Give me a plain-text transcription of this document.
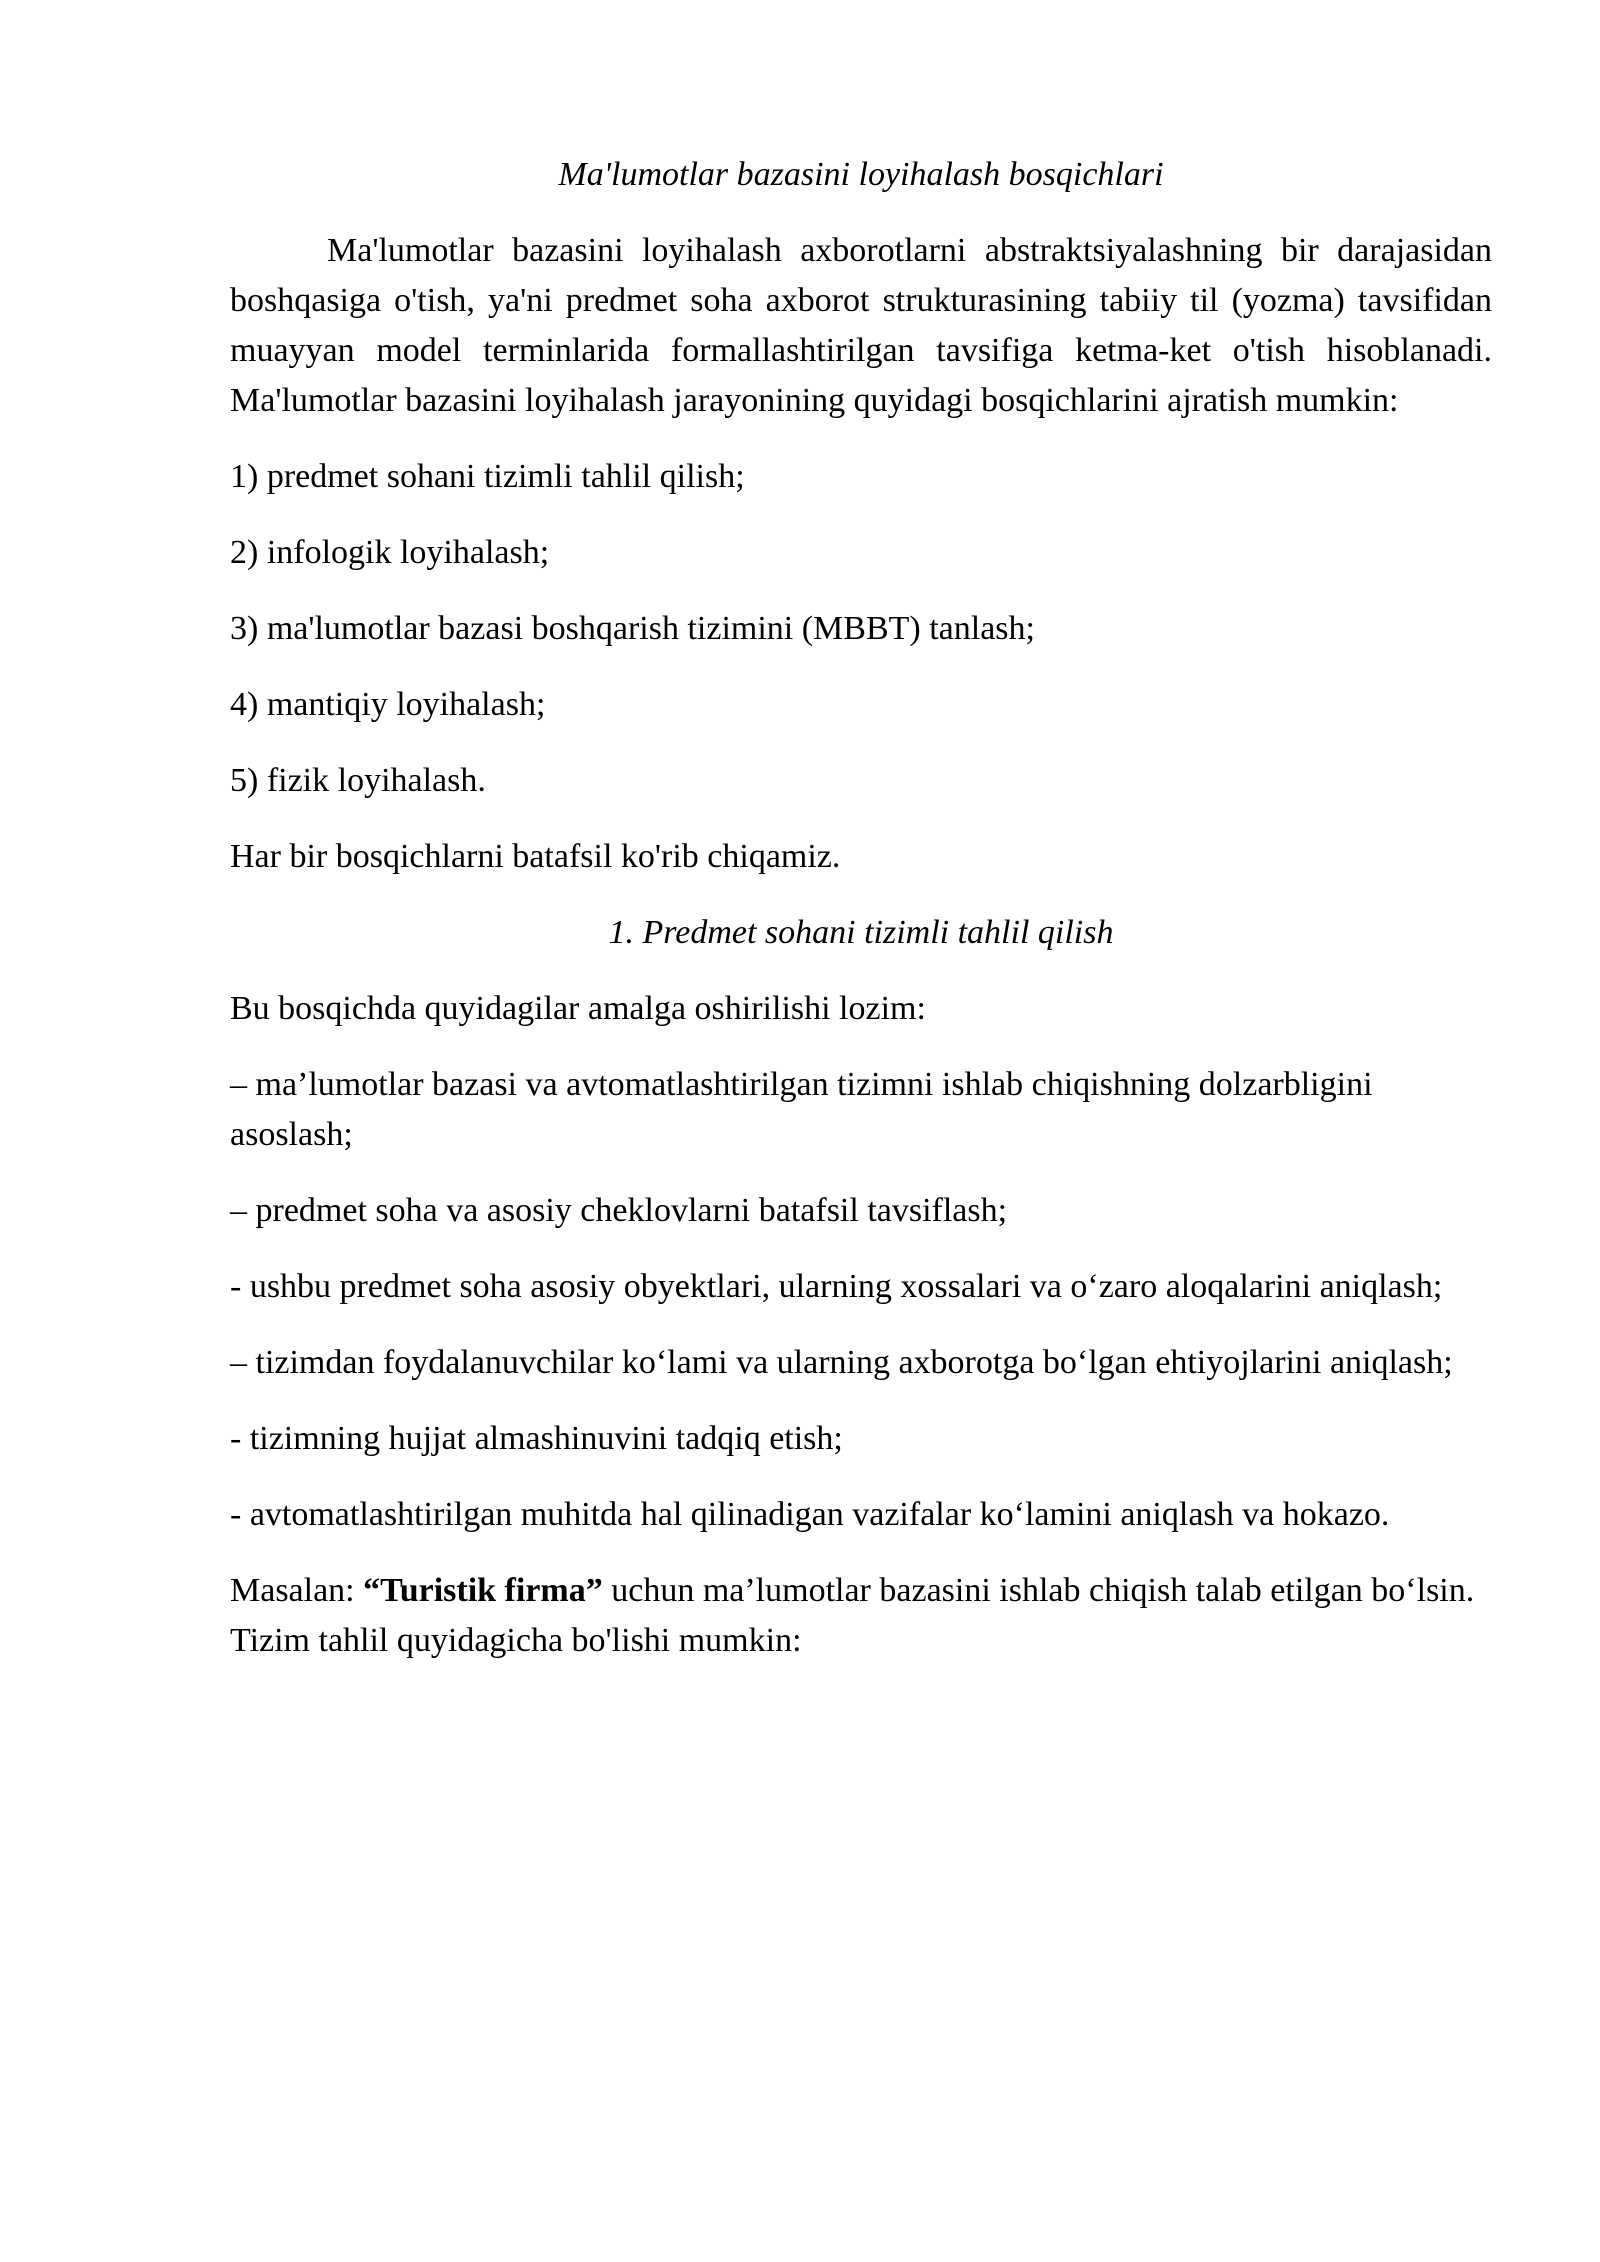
Ma'lumotlar bazasini loyihalash bosqichlari
Ma'lumotlar bazasini loyihalash axborotlarni abstraktsiyalashning bir darajasidan boshqasiga o'tish, ya'ni predmet soha axborot strukturasining tabiiy til (yozma) tavsifidan muayyan model terminlarida formallashtirilgan tavsifiga ketma-ket o'tish hisoblanadi. Ma'lumotlar bazasini loyihalash jarayonining quyidagi bosqichlarini ajratish mumkin:
1) predmet sohani tizimli tahlil qilish;
2) infologik loyihalash;
3) ma'lumotlar bazasi boshqarish tizimini (MBBT) tanlash;
4) mantiqiy loyihalash;
5) fizik loyihalash.
Har bir bosqichlarni batafsil ko'rib chiqamiz.
1. Predmet sohani tizimli tahlil qilish
Bu bosqichda quyidagilar amalga oshirilishi lozim:
– ma’lumotlar bazasi va avtomatlashtirilgan tizimni ishlab chiqishning dolzarbligini asoslash;
– predmet soha va asosiy cheklovlarni batafsil tavsiflash;
- ushbu predmet soha asosiy obyektlari, ularning xossalari va o‘zaro aloqalarini aniqlash;
– tizimdan foydalanuvchilar ko‘lami va ularning axborotga bo‘lgan ehtiyojlarini aniqlash;
- tizimning hujjat almashinuvini tadqiq etish;
- avtomatlashtirilgan muhitda hal qilinadigan vazifalar ko‘lamini aniqlash va hokazo.
Masalan: “Turistik firma” uchun ma’lumotlar bazasini ishlab chiqish talab etilgan bo‘lsin. Tizim tahlil quyidagicha bo'lishi mumkin:
